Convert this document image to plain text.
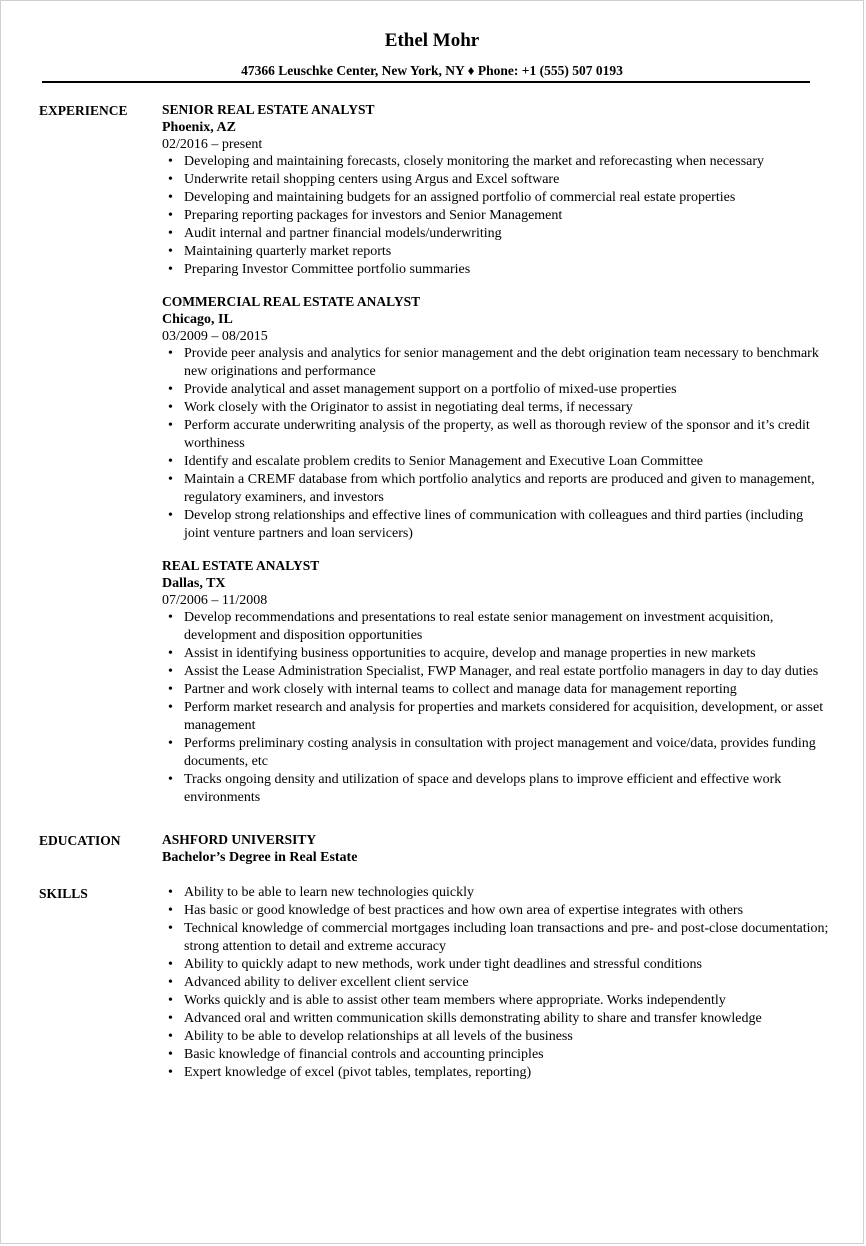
Ethel Mohr
47366 Leuschke Center, New York, NY ♦ Phone: +1 (555) 507 0193
EXPERIENCE	SENIOR REAL ESTATE ANALYST
Phoenix, AZ
02/2016 – present
• Developing and maintaining forecasts, closely monitoring the market and reforecasting when necessary
• Underwrite retail shopping centers using Argus and Excel software
• Developing and maintaining budgets for an assigned portfolio of commercial real estate properties
• Preparing reporting packages for investors and Senior Management
• Audit internal and partner financial models/underwriting
• Maintaining quarterly market reports
• Preparing Investor Committee portfolio summaries
COMMERCIAL REAL ESTATE ANALYST
Chicago, IL
03/2009 – 08/2015
• Provide peer analysis and analytics for senior management and the debt origination team necessary to benchmark new originations and performance
• Provide analytical and asset management support on a portfolio of mixed-use properties
• Work closely with the Originator to assist in negotiating deal terms, if necessary
• Perform accurate underwriting analysis of the property, as well as thorough review of the sponsor and it’s credit worthiness
• Identify and escalate problem credits to Senior Management and Executive Loan Committee
• Maintain a CREMF database from which portfolio analytics and reports are produced and given to management, regulatory examiners, and investors
• Develop strong relationships and effective lines of communication with colleagues and third parties (including joint venture partners and loan servicers)
REAL ESTATE ANALYST
Dallas, TX
07/2006 – 11/2008
• Develop recommendations and presentations to real estate senior management on investment acquisition, development and disposition opportunities
• Assist in identifying business opportunities to acquire, develop and manage properties in new markets
• Assist the Lease Administration Specialist, FWP Manager, and real estate portfolio managers in day to day duties
• Partner and work closely with internal teams to collect and manage data for management reporting
• Perform market research and analysis for properties and markets considered for acquisition, development, or asset management
• Performs preliminary costing analysis in consultation with project management and voice/data, provides funding documents, etc
• Tracks ongoing density and utilization of space and develops plans to improve efficient and effective work environments
EDUCATION	ASHFORD UNIVERSITY
Bachelor’s Degree in Real Estate
SKILLS
•	Ability to be able to learn new technologies quickly
• Has basic or good knowledge of best practices and how own area of expertise integrates with others
• Technical knowledge of commercial mortgages including loan transactions and pre- and post-close documentation; strong attention to detail and extreme accuracy
• Ability to quickly adapt to new methods, work under tight deadlines and stressful conditions
• Advanced ability to deliver excellent client service
• Works quickly and is able to assist other team members where appropriate. Works independently
• Advanced oral and written communication skills demonstrating ability to share and transfer knowledge
• Ability to be able to develop relationships at all levels of the business
• Basic knowledge of financial controls and accounting principles
• Expert knowledge of excel (pivot tables, templates, reporting)
